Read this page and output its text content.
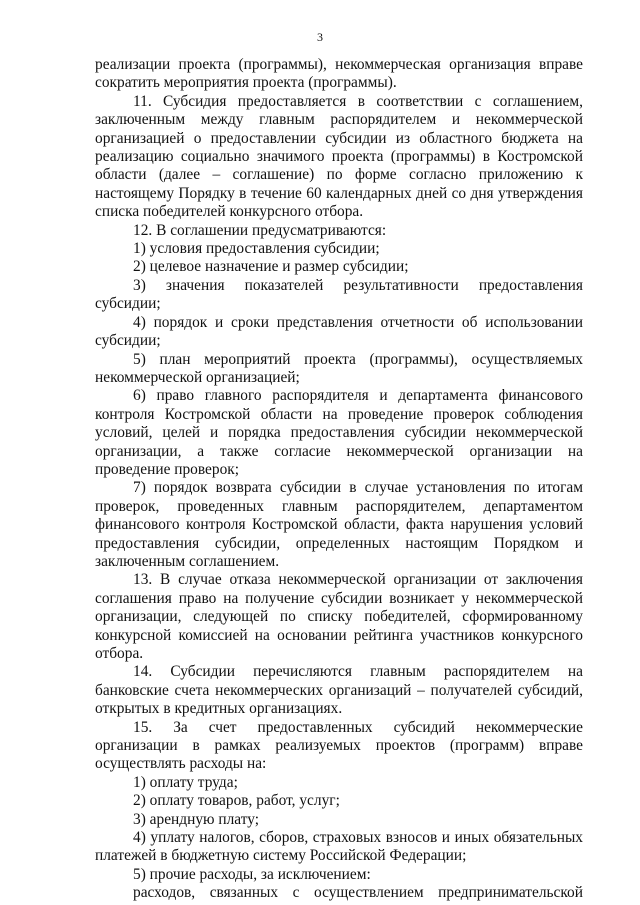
3

реализации проекта (программы), некоммерческая организация вправе сократить мероприятия проекта (программы).

11. Субсидия предоставляется в соответствии с соглашением, заключенным между главным распорядителем и некоммерческой организацией о предоставлении субсидии из областного бюджета на реализацию социально значимого проекта (программы) в Костромской области (далее – соглашение) по форме согласно приложению к настоящему Порядку в течение 60 календарных дней со дня утверждения списка победителей конкурсного отбора.

12. В соглашении предусматриваются:

1) условия предоставления субсидии;

2) целевое назначение и размер субсидии;

3) значения показателей результативности предоставления субсидии;

4) порядок и сроки представления отчетности об использовании субсидии;

5) план мероприятий проекта (программы), осуществляемых некоммерческой организацией;

6) право главного распорядителя и департамента финансового контроля Костромской области на проведение проверок соблюдения условий, целей и порядка предоставления субсидии некоммерческой организации, а также согласие некоммерческой организации на проведение проверок;

7) порядок возврата субсидии в случае установления по итогам проверок, проведенных главным распорядителем, департаментом финансового контроля Костромской области, факта нарушения условий предоставления субсидии, определенных настоящим Порядком и заключенным соглашением.

13. В случае отказа некоммерческой организации от заключения соглашения право на получение субсидии возникает у некоммерческой организации, следующей по списку победителей, сформированному конкурсной комиссией на основании рейтинга участников конкурсного отбора.

14. Субсидии перечисляются главным распорядителем на банковские счета некоммерческих организаций – получателей субсидий, открытых в кредитных организациях.

15. За счет предоставленных субсидий некоммерческие организации в рамках реализуемых проектов (программ) вправе осуществлять расходы на:

1) оплату труда;

2) оплату товаров, работ, услуг;

3) арендную плату;

4) уплату налогов, сборов, страховых взносов и иных обязательных платежей в бюджетную систему Российской Федерации;

5) прочие расходы, за исключением:

расходов, связанных с осуществлением предпринимательской
